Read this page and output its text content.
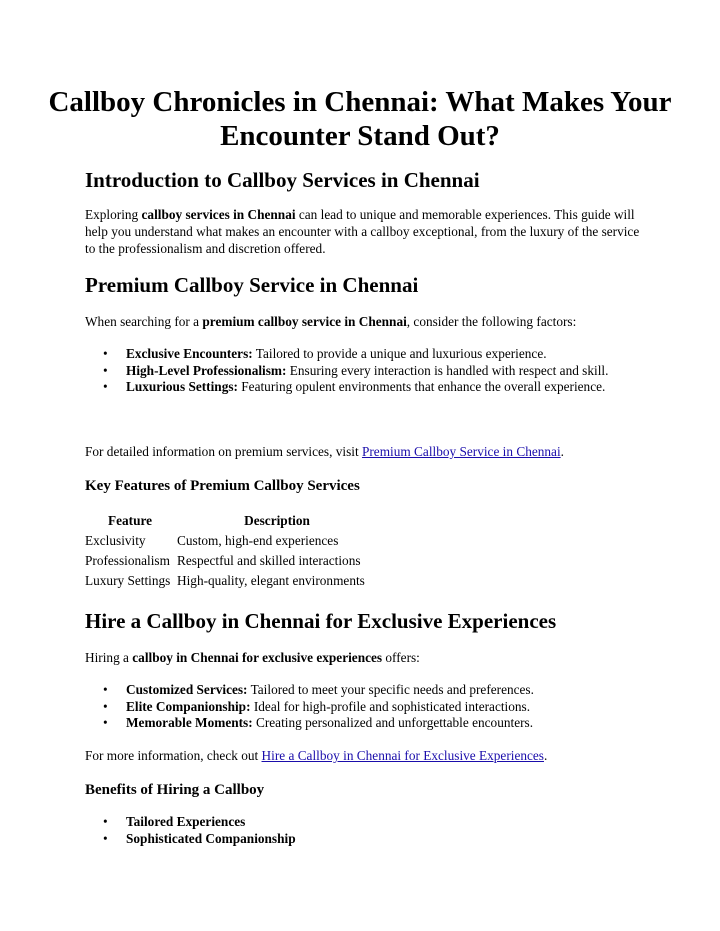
Callboy Chronicles in Chennai: What Makes Your Encounter Stand Out?
Introduction to Callboy Services in Chennai

Exploring callboy services in Chennai can lead to unique and memorable experiences. This guide will help you understand what makes an encounter with a callboy exceptional, from the luxury of the service to the professionalism and discretion offered.

Premium Callboy Service in Chennai

When searching for a premium callboy service in Chennai, consider the following factors:

• Exclusive Encounters: Tailored to provide a unique and luxurious experience.
• High-Level Professionalism: Ensuring every interaction is handled with respect and skill.
• Luxurious Settings: Featuring opulent environments that enhance the overall experience.

For detailed information on premium services, visit Premium Callboy Service in Chennai.

Key Features of Premium Callboy Services
Feature	Description
Exclusivity	Custom, high-end experiences
Professionalism	Respectful and skilled interactions
Luxury Settings	High-quality, elegant environments
Hire a Callboy in Chennai for Exclusive Experiences

Hiring a callboy in Chennai for exclusive experiences offers:

• Customized Services: Tailored to meet your specific needs and preferences.
• Elite Companionship: Ideal for high-profile and sophisticated interactions.
• Memorable Moments: Creating personalized and unforgettable encounters.

For more information, check out Hire a Callboy in Chennai for Exclusive Experiences.

Benefits of Hiring a Callboy
• Tailored Experiences
• Sophisticated Companionship
